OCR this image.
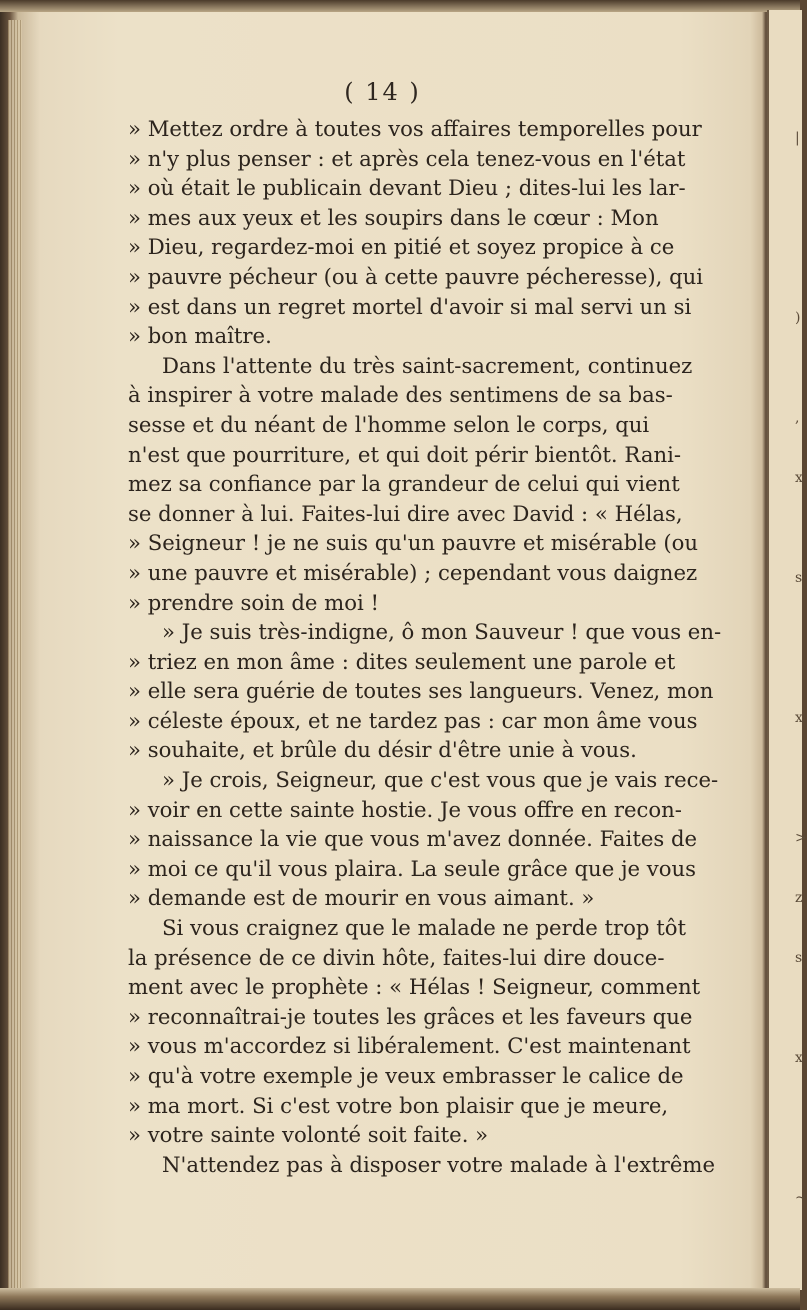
|
)
,
x
s
x
>
z
s
x
~
( 14 )
» Mettez ordre à toutes vos affaires temporelles pour
» n'y plus penser : et après cela tenez-vous en l'état
» où était le publicain devant Dieu ; dites-lui les lar-
» mes aux yeux et les soupirs dans le cœur : Mon
» Dieu, regardez-moi en pitié et soyez propice à ce
» pauvre pécheur (ou à cette pauvre pécheresse), qui
» est dans un regret mortel d'avoir si mal servi un si
» bon maître.
Dans l'attente du très saint-sacrement, continuez
à inspirer à votre malade des sentimens de sa bas-
sesse et du néant de l'homme selon le corps, qui
n'est que pourriture, et qui doit périr bientôt. Rani-
mez sa confiance par la grandeur de celui qui vient
se donner à lui. Faites-lui dire avec David : « Hélas,
» Seigneur ! je ne suis qu'un pauvre et misérable (ou
» une pauvre et misérable) ; cependant vous daignez
» prendre soin de moi !
» Je suis très-indigne, ô mon Sauveur ! que vous en-
» triez en mon âme : dites seulement une parole et
» elle sera guérie de toutes ses langueurs. Venez, mon
» céleste époux, et ne tardez pas : car mon âme vous
» souhaite, et brûle du désir d'être unie à vous.
» Je crois, Seigneur, que c'est vous que je vais rece-
» voir en cette sainte hostie. Je vous offre en recon-
» naissance la vie que vous m'avez donnée. Faites de
» moi ce qu'il vous plaira. La seule grâce que je vous
» demande est de mourir en vous aimant. »
Si vous craignez que le malade ne perde trop tôt
la présence de ce divin hôte, faites-lui dire douce-
ment avec le prophète : « Hélas ! Seigneur, comment
» reconnaîtrai-je toutes les grâces et les faveurs que
» vous m'accordez si libéralement. C'est maintenant
» qu'à votre exemple je veux embrasser le calice de
» ma mort. Si c'est votre bon plaisir que je meure,
» votre sainte volonté soit faite. »
N'attendez pas à disposer votre malade à l'extrême
